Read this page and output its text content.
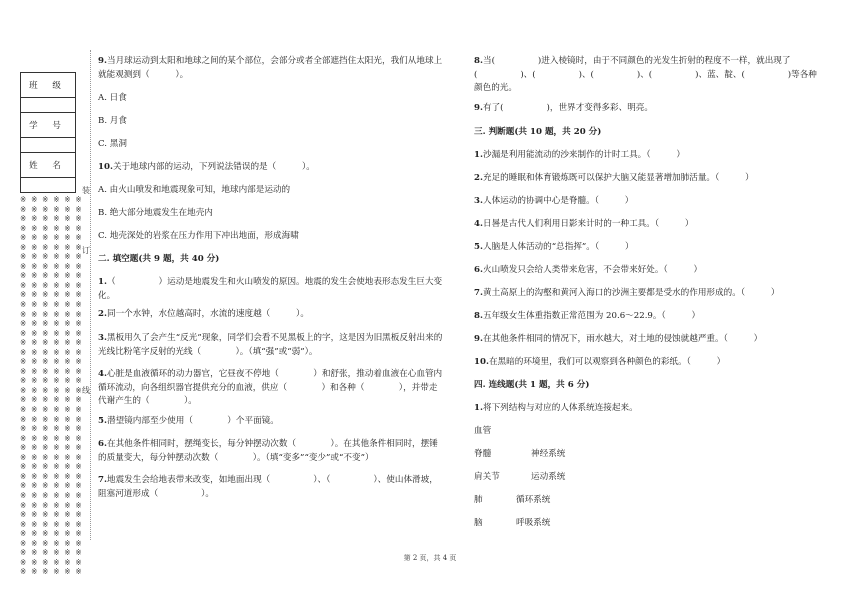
班 级

学 号

姓 名

※ ※ ※ ※ ※ ※
※ ※ ※ ※ ※ ※
※ ※ ※ ※ ※ ※
※ ※ ※ ※ ※ ※
※ ※ ※ ※ ※ ※
※ ※ ※ ※ ※ ※
※ ※ ※ ※ ※ ※
※ ※ ※ ※ ※ ※
※ ※ ※ ※ ※ ※
※ ※ ※ ※ ※ ※
※ ※ ※ ※ ※ ※
※ ※ ※ ※ ※ ※
※ ※ ※ ※ ※ ※
※ ※ ※ ※ ※ ※
※ ※ ※ ※ ※ ※
※ ※ ※ ※ ※ ※
※ ※ ※ ※ ※ ※
※ ※ ※ ※ ※ ※
※ ※ ※ ※ ※ ※
※ ※ ※ ※ ※ ※
※ ※ ※ ※ ※ ※
※ ※ ※ ※ ※ ※
※ ※ ※ ※ ※ ※
※ ※ ※ ※ ※ ※
※ ※ ※ ※ ※ ※
※ ※ ※ ※ ※ ※
※ ※ ※ ※ ※ ※
※ ※ ※ ※ ※ ※
※ ※ ※ ※ ※ ※
※ ※ ※ ※ ※ ※
※ ※ ※ ※ ※ ※
※ ※ ※ ※ ※ ※
※ ※ ※ ※ ※ ※
※ ※ ※ ※ ※ ※
※ ※ ※ ※ ※ ※
※ ※ ※ ※ ※ ※
※ ※ ※ ※ ※ ※
※ ※ ※ ※ ※ ※
※ ※ ※ ※ ※ ※
※ ※ ※ ※ ※ ※
装
订
线
9.当月球运动到太阳和地球之间的某个部位，会部分或者全部遮挡住太阳光，我们从地球上就能观测到（　　　）。
A. 日食
B. 月食
C. 黑洞
10.关于地球内部的运动，下列说法错误的是（　　　）。
A. 由火山喷发和地震现象可知，地球内部是运动的
B. 绝大部分地震发生在地壳内
C. 地壳深处的岩浆在压力作用下冲出地面，形成海啸
二. 填空题(共 9 题，共 40 分)
1.（　　　　　）运动是地震发生和火山喷发的原因。地震的发生会使地表形态发生巨大变化。
2.同一个水钟，水位越高时，水流的速度越（　　　）。
3.黑板用久了会产生“反光”现象，同学们会看不见黑板上的字，这是因为旧黑板反射出来的光线比粉笔字反射的光线（　　　　）。（填“强”或“弱”）。
4.心脏是血液循环的动力器官，它昼夜不停地（　　　　）和舒张，推动着血液在心血管内循环流动，向各组织器官提供充分的血液，供应（　　　　）和各种（　　　　），并带走代谢产生的（　　　　）。
5.潜望镜内部至少使用（　　　　）个平面镜。
6.在其他条件相同时，摆绳变长，每分钟摆动次数（　　　　）。在其他条件相同时，摆锤的质量变大，每分钟摆动次数（　　　　）。（填“变多”“变少”或“不变”）
7.地震发生会给地表带来改变，如地面出现（　　　　　）、（　　　　　）、使山体滑坡，阻塞河道形成（　　　　　）。
8.当(　　　　　)进入棱镜时，由于不同颜色的光发生折射的程度不一样，就出现了(　　　　　)、(　　　　　)、(　　　　　)、(　　　　　)、蓝、靛、(　　　　　)等各种颜色的光。
9.有了(　　　　　)，世界才变得多彩、明亮。
三. 判断题(共 10 题，共 20 分)
1.沙漏是利用能流动的沙来制作的计时工具。（　　　）
2.充足的睡眠和体育锻炼既可以保护大脑又能显著增加肺活量。（　　　）
3.人体运动的协调中心是脊髓。（　　　）
4.日晷是古代人们利用日影来计时的一种工具。（　　　）
5.人脑是人体活动的“总指挥”。（　　　）
6.火山喷发只会给人类带来危害，不会带来好处。（　　　）
7.黄土高原上的沟壑和黄河入海口的沙洲主要都是受水的作用形成的。（　　　）
8.五年级女生体重指数正常范围为 20.6～22.9。（　　　）
9.在其他条件相同的情况下，雨水越大，对土地的侵蚀就越严重。（　　　）
10.在黑暗的环境里，我们可以观察到各种颜色的彩纸。（　　　）
四. 连线题(共 1 题，共 6 分)
1.将下列结构与对应的人体系统连接起来。
血管
脊髓	神经系统
肩关节	运动系统
肺	循环系统
脑	呼吸系统
第 2 页，共 4 页
